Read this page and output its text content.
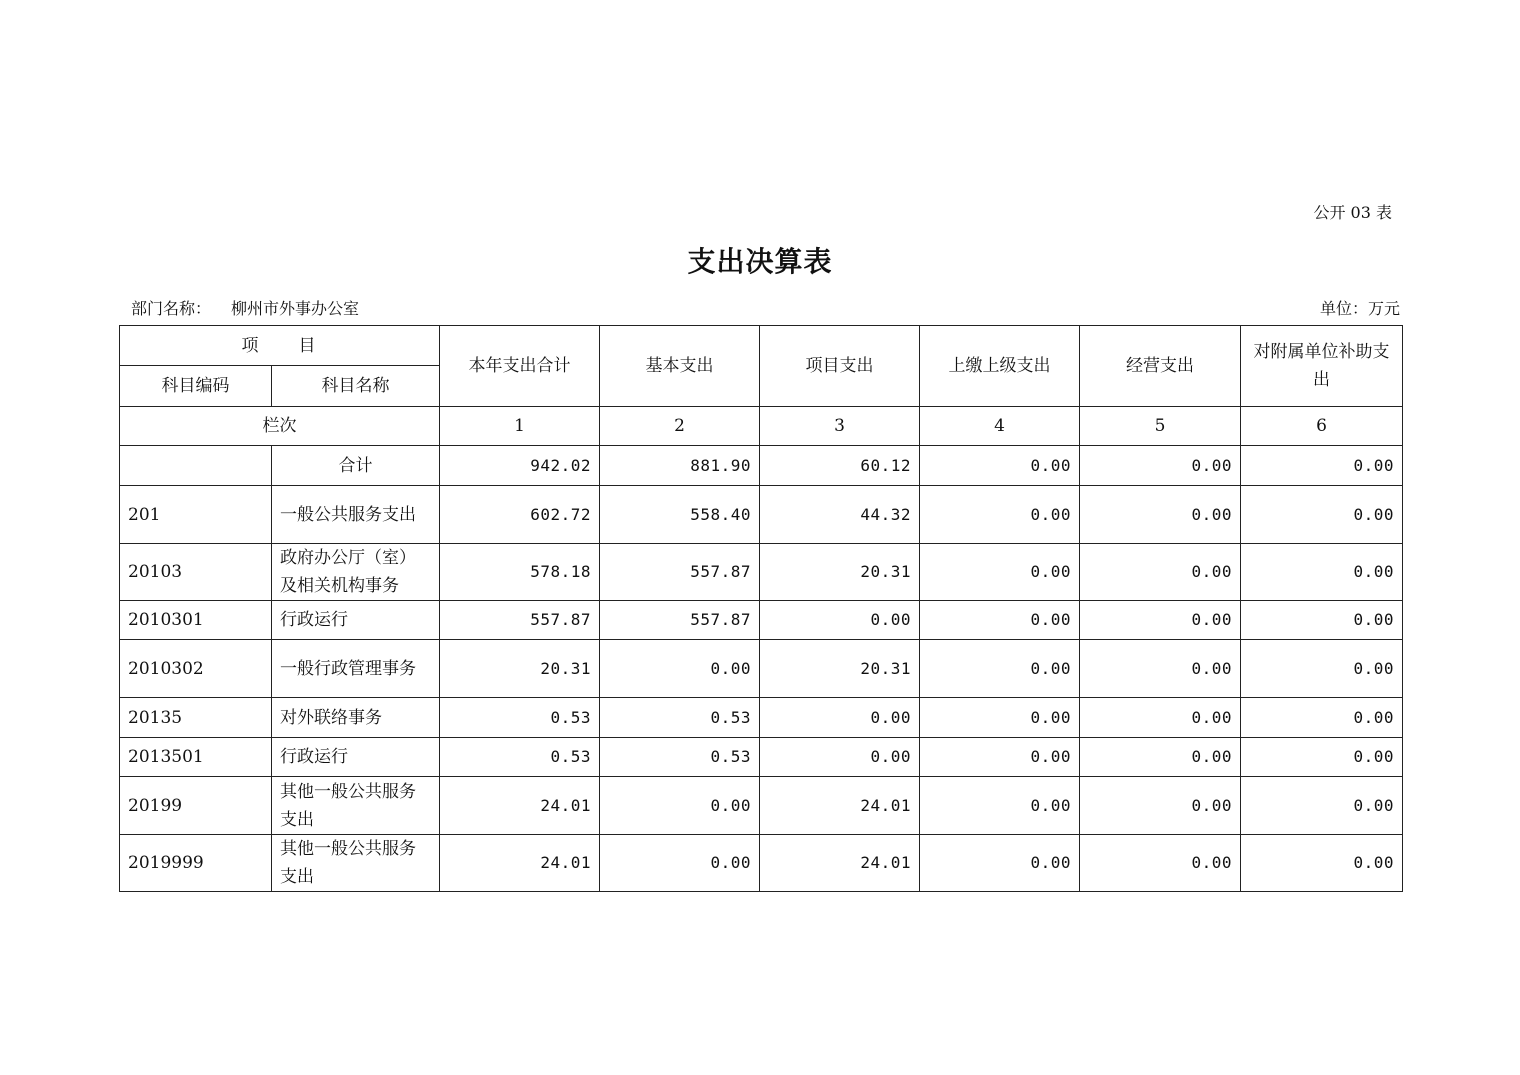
公开 03 表
支出决算表
部门名称： 柳州市外事办公室	单位：万元
项　　目		本年支出合计	基本支出	项目支出	上缴上级支出	经营支出	对附属单位补助支出
科目编码	科目名称						
栏次		1	2	3	4	5	6
	合计	942.02	881.90	60.12	0.00	0.00	0.00
201	一般公共服务支出	602.72	558.40	44.32	0.00	0.00	0.00
20103	政府办公厅（室）及相关机构事务	578.18	557.87	20.31	0.00	0.00	0.00
2010301	行政运行	557.87	557.87	0.00	0.00	0.00	0.00
2010302	一般行政管理事务	20.31	0.00	20.31	0.00	0.00	0.00
20135	对外联络事务	0.53	0.53	0.00	0.00	0.00	0.00
2013501	行政运行	0.53	0.53	0.00	0.00	0.00	0.00
20199	其他一般公共服务支出	24.01	0.00	24.01	0.00	0.00	0.00
2019999	其他一般公共服务支出	24.01	0.00	24.01	0.00	0.00	0.00
